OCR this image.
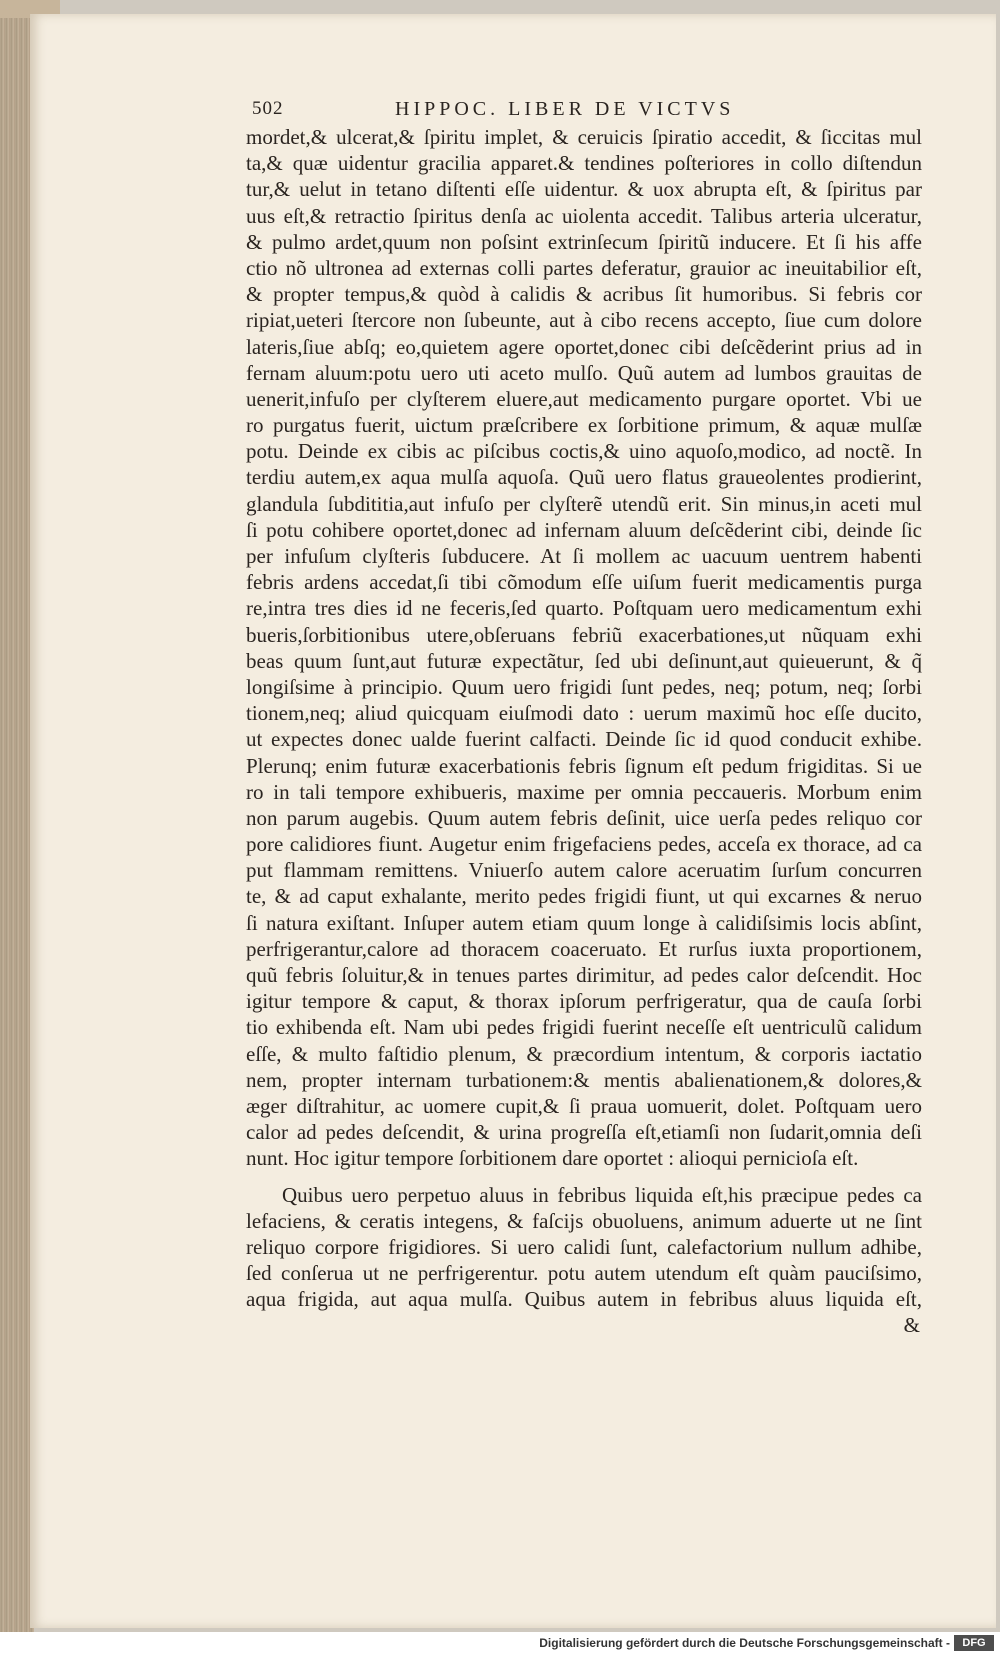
502	HIPPOC. LIBER DE VICTVS
mordet,& ulcerat,& ſpiritu implet, & ceruicis ſpiratio accedit, & ſiccitas mul
ta,& quæ uidentur gracilia apparet.& tendines poſteriores in collo diſtendun
tur,& uelut in tetano diſtenti eſſe uidentur. & uox abrupta eſt, & ſpiritus par
uus eſt,& retractio ſpiritus denſa ac uiolenta accedit. Talibus arteria ulceratur,
& pulmo ardet,quum non poſsint extrinſecum ſpiritũ inducere. Et ſi his affe
ctio nõ ultronea ad externas colli partes deferatur, grauior ac ineuitabilior eſt,
& propter tempus,& quòd à calidis & acribus ſit humoribus. Si febris cor
ripiat,ueteri ſtercore non ſubeunte, aut à cibo recens accepto, ſiue cum dolore
lateris,ſiue abſq; eo,quietem agere oportet,donec cibi deſcẽderint prius ad in
fernam aluum:potu uero uti aceto mulſo. Quũ autem ad lumbos grauitas de
uenerit,infuſo per clyſterem eluere,aut medicamento purgare oportet. Vbi ue
ro purgatus fuerit, uictum præſcribere ex ſorbitione primum, & aquæ mulſæ
potu. Deinde ex cibis ac piſcibus coctis,& uino aquoſo,modico, ad noctẽ. In
terdiu autem,ex aqua mulſa aquoſa. Quũ uero flatus graueolentes prodierint,
glandula ſubdititia,aut infuſo per clyſterẽ utendũ erit. Sin minus,in aceti mul
ſi potu cohibere oportet,donec ad infernam aluum deſcẽderint cibi, deinde ſic
per infuſum clyſteris ſubducere. At ſi mollem ac uacuum uentrem habenti
febris ardens accedat,ſi tibi cõmodum eſſe uiſum fuerit medicamentis purga
re,intra tres dies id ne feceris,ſed quarto. Poſtquam uero medicamentum exhi
bueris,ſorbitionibus utere,obſeruans febriũ exacerbationes,ut nũquam exhi
beas quum ſunt,aut futuræ expectãtur, ſed ubi deſinunt,aut quieuerunt, & q̃
longiſsime à principio. Quum uero frigidi ſunt pedes, neq; potum, neq; ſorbi
tionem,neq; aliud quicquam eiuſmodi dato : uerum maximũ hoc eſſe ducito,
ut expectes donec ualde fuerint calfacti. Deinde ſic id quod conducit exhibe.
Plerunq; enim futuræ exacerbationis febris ſignum eſt pedum frigiditas. Si ue
ro in tali tempore exhibueris, maxime per omnia peccaueris. Morbum enim
non parum augebis. Quum autem febris deſinit, uice uerſa pedes reliquo cor
pore calidiores fiunt. Augetur enim frigefaciens pedes, acceſa ex thorace, ad ca
put flammam remittens. Vniuerſo autem calore aceruatim ſurſum concurren
te, & ad caput exhalante, merito pedes frigidi fiunt, ut qui excarnes & neruo
ſi natura exiſtant. Inſuper autem etiam quum longe à calidiſsimis locis abſint,
perfrigerantur,calore ad thoracem coaceruato. Et rurſus iuxta proportionem,
quũ febris ſoluitur,& in tenues partes dirimitur, ad pedes calor deſcendit. Hoc
igitur tempore & caput, & thorax ipſorum perfrigeratur, qua de cauſa ſorbi
tio exhibenda eſt. Nam ubi pedes frigidi fuerint neceſſe eſt uentriculũ calidum
eſſe, & multo faſtidio plenum, & præcordium intentum, & corporis iactatio
nem, propter internam turbationem:& mentis abalienationem,& dolores,&
æger diſtrahitur, ac uomere cupit,& ſi praua uomuerit, dolet. Poſtquam uero
calor ad pedes deſcendit, & urina progreſſa eſt,etiamſi non ſudarit,omnia deſi
nunt. Hoc igitur tempore ſorbitionem dare oportet : alioqui pernicioſa eſt.
Quibus uero perpetuo aluus in febribus liquida eſt,his præcipue pedes ca
lefaciens, & ceratis integens, & faſcijs obuoluens, animum aduerte ut ne ſint
reliquo corpore frigidiores. Si uero calidi ſunt, calefactorium nullum adhibe,
ſed conſerua ut ne perfrigerentur. potu autem utendum eſt quàm pauciſsimo,
aqua frigida, aut aqua mulſa. Quibus autem in febribus aluus liquida eſt,
&
Digitalisierung gefördert durch die Deutsche Forschungsgemeinschaft -	DFG
